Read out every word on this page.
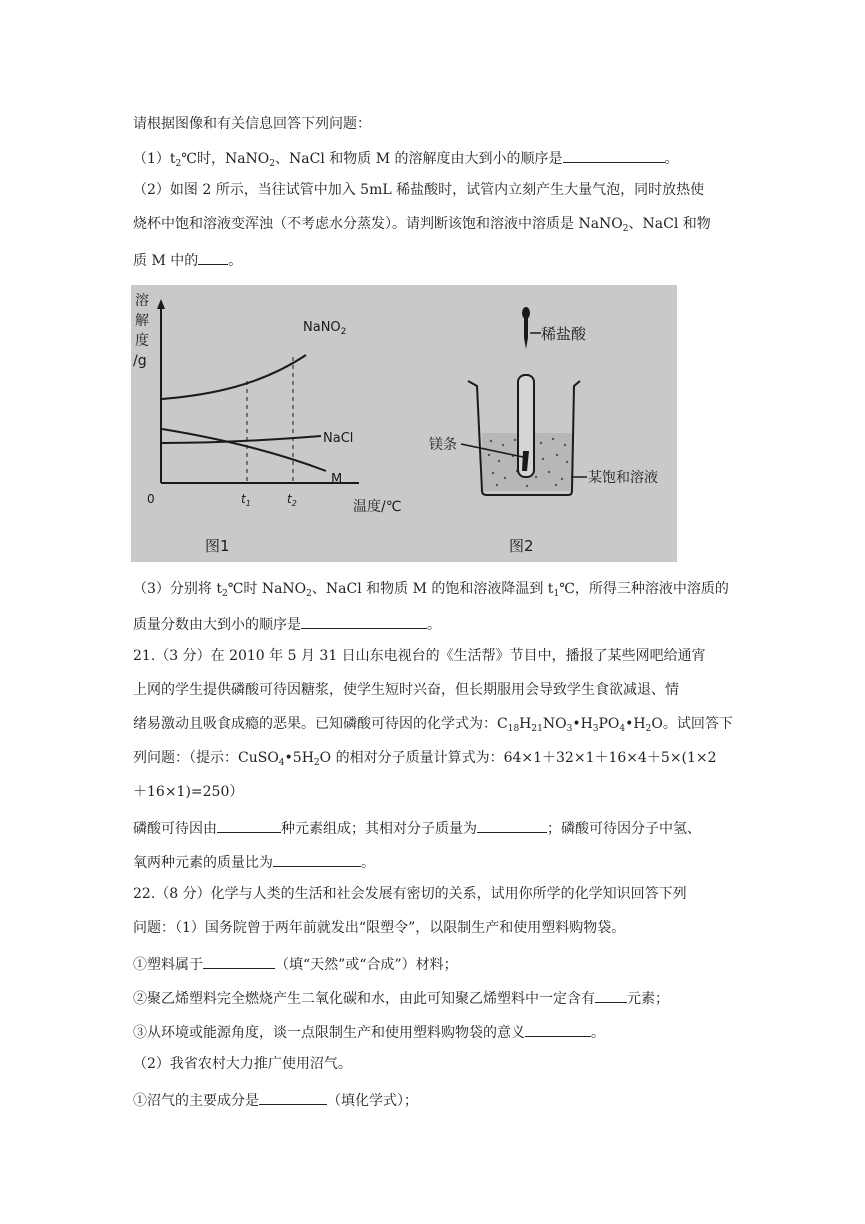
请根据图像和有关信息回答下列问题：
$(1)t_2℃$时，NaNO$_2$、NaCl 和物质 M 的溶解度由大到小的顺序是	。
（2）如图 2 所示，当往试管中加入 5mL 稀盐酸时，试管内立刻产生大量气泡，同时放热使
烧杯中饱和溶液变浑浊（不考虑水分蒸发）。请判断该饱和溶液中溶质是 NaNO$_2$、NaCl 和物
质 M 中的 。
溶
解
度
/g
NaNO$_2$
NaCl
M
0	$t_1$	$t_2$	温度/℃
图1
稀盐酸
镁条
某饱和溶液
图2
（3）分别将 $t_2℃$时 NaNO$_2$、NaCl 和物质 M 的饱和溶液降温到 $t_1℃$，所得三种溶液中溶质的
质量分数由大到小的顺序是	。
21.（3 分）在 2010 年 5 月 31 日山东电视台的《生活帮》节目中，播报了某些网吧给通宵
上网的学生提供磷酸可待因糖浆，使学生短时兴奋，但长期服用会导致学生食欲减退、情
绪易激动且吸食成瘾的恶果。已知磷酸可待因的化学式为：$C_{18}H_{21}NO_3•H_3PO_4•H_2O$。试回答下
列问题：（提示：$CuSO_4•5H_2O$ 的相对分子质量计算式为：64×1＋32×1＋16×4＋5×(1×2
＋16×1)=250）
磷酸可待因由	种元素组成；其相对分子质量为	；磷酸可待因分子中氢、
氧两种元素的质量比为	。
22.（8 分）化学与人类的生活和社会发展有密切的关系，试用你所学的化学知识回答下列
问题：（1）国务院曾于两年前就发出“限塑令”，以限制生产和使用塑料购物袋。
①塑料属于	（填“天然”或“合成”）材料；
②聚乙烯塑料完全燃烧产生二氧化碳和水，由此可知聚乙烯塑料中一定含有 元素；
③从环境或能源角度，谈一点限制生产和使用塑料购物袋的意义	。
（2）我省农村大力推广使用沼气。
①沼气的主要成分是	（填化学式）；
